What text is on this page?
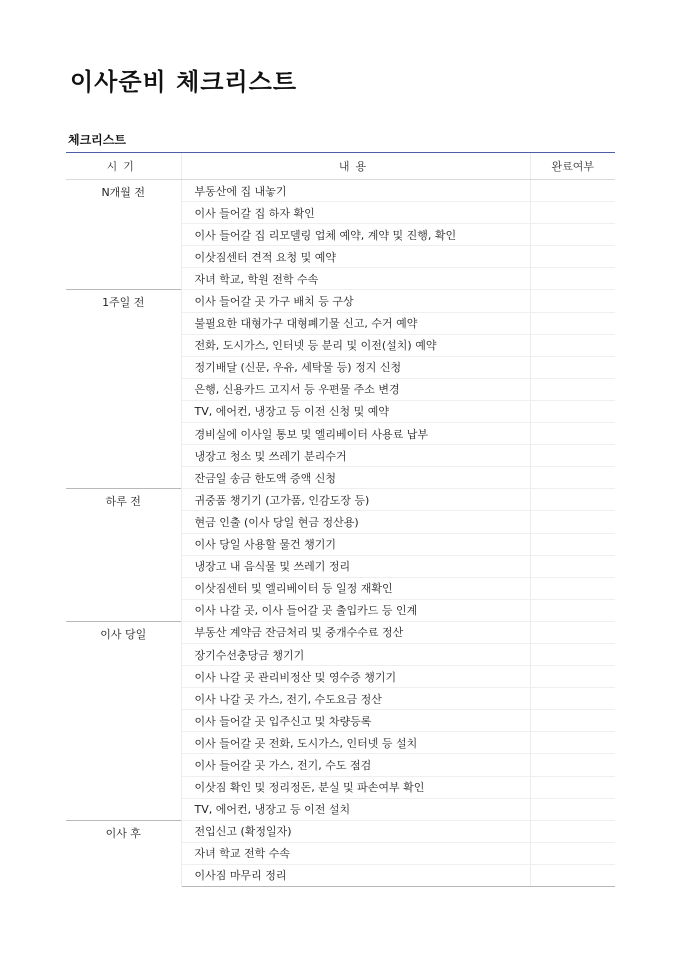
이사준비 체크리스트
체크리스트
시기	내용	완료여부
N개월 전	부동산에 집 내놓기	
	이사 들어갈 집 하자 확인	
	이사 들어갈 집 리모델링 업체 예약, 계약 및 진행, 확인	
	이삿짐센터 견적 요청 및 예약	
	자녀 학교, 학원 전학 수속	
1주일 전	이사 들어갈 곳 가구 배치 등 구상	
	불필요한 대형가구 대형폐기물 신고, 수거 예약	
	전화, 도시가스, 인터넷 등 분리 및 이전(설치) 예약	
	정기배달 (신문, 우유, 세탁물 등) 정지 신청	
	은행, 신용카드 고지서 등 우편물 주소 변경	
	TV, 에어컨, 냉장고 등 이전 신청 및 예약	
	경비실에 이사일 통보 및 엘리베이터 사용료 납부	
	냉장고 청소 및 쓰레기 분리수거	
	잔금일 송금 한도액 증액 신청	
하루 전	귀중품 챙기기 (고가품, 인감도장 등)	
	현금 인출 (이사 당일 현금 정산용)	
	이사 당일 사용할 물건 챙기기	
	냉장고 내 음식물 및 쓰레기 정리	
	이삿짐센터 및 엘리베이터 등 일정 재확인	
	이사 나갈 곳, 이사 들어갈 곳 출입카드 등 인계	
이사 당일	부동산 계약금 잔금처리 및 중개수수료 정산	
	장기수선충당금 챙기기	
	이사 나갈 곳 관리비정산 및 영수증 챙기기	
	이사 나갈 곳 가스, 전기, 수도요금 정산	
	이사 들어갈 곳 입주신고 및 차량등록	
	이사 들어갈 곳 전화, 도시가스, 인터넷 등 설치	
	이사 들어갈 곳 가스, 전기, 수도 점검	
	이삿짐 확인 및 정리정돈, 분실 및 파손여부 확인	
	TV, 에어컨, 냉장고 등 이전 설치	
이사 후	전입신고 (확정일자)	
	자녀 학교 전학 수속	
	이사짐 마무리 정리	
